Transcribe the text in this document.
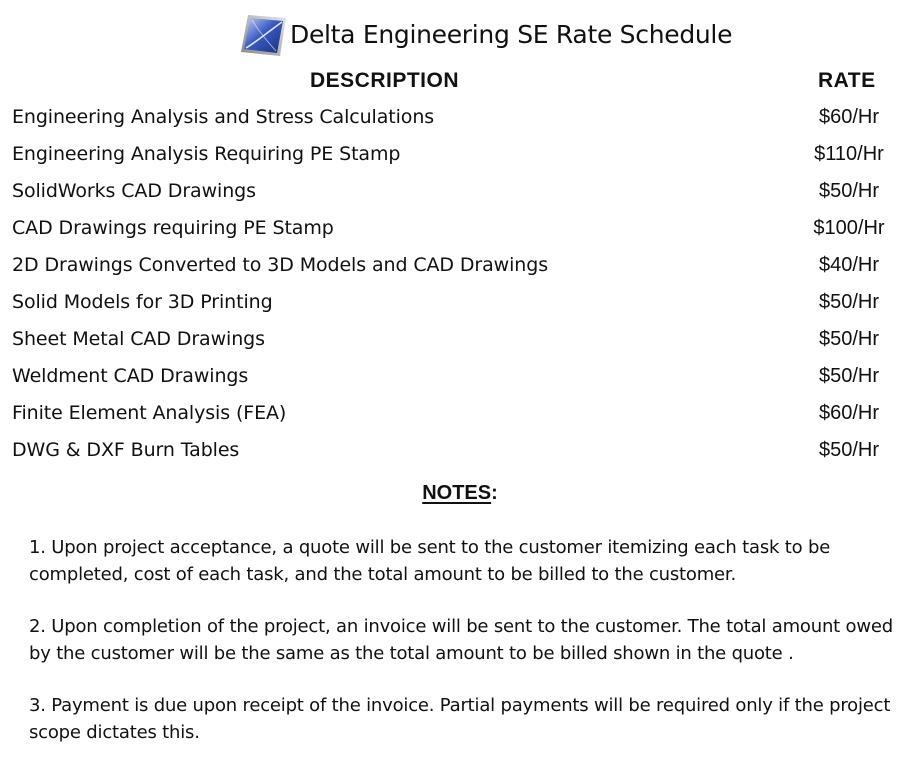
Delta Engineering SE Rate Schedule
DESCRIPTION	RATE
Engineering Analysis and Stress Calculations	$60/Hr
Engineering Analysis Requiring PE Stamp	$110/Hr
SolidWorks CAD Drawings	$50/Hr
CAD Drawings requiring PE Stamp	$100/Hr
2D Drawings Converted to 3D Models and CAD Drawings	$40/Hr
Solid Models for 3D Printing	$50/Hr
Sheet Metal CAD Drawings	$50/Hr
Weldment CAD Drawings	$50/Hr
Finite Element Analysis (FEA)	$60/Hr
DWG & DXF Burn Tables	$50/Hr
NOTES:

1. Upon project acceptance, a quote will be sent to the customer itemizing each task to be completed, cost of each task, and the total amount to be billed to the customer.

2. Upon completion of the project, an invoice will be sent to the customer. The total amount owed by the customer will be the same as the total amount to be billed shown in the quote .

3. Payment is due upon receipt of the invoice. Partial payments will be required only if the project scope dictates this.
